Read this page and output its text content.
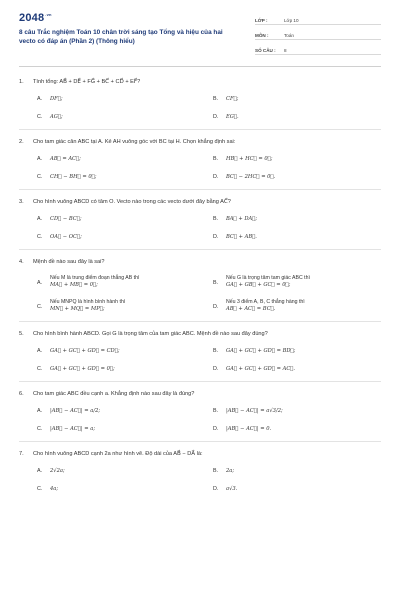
$2048^{.vn}$
8 câu Trắc nghiệm Toán 10 chân trời sáng tạo Tổng và hiệu của hai vecto có đáp án (Phần 2) (Thông hiểu)
LỚP :	Lớp 10
MÔN :	Toán
SỐ CÂU :	8
1. Tính tổng: AB⃗ + DE⃗ + FG⃗ + BC⃗ + CD⃗ + EF⃗?
A.	DF⃗;	B.	CF⃗;
C.	AG⃗;	D.	EG⃗.
2. Cho tam giác cân ABC tại A. Kẻ AH vuông góc với BC tại H. Chọn khẳng định sai:
A.	AB⃗ = AC⃗;	B.	HB⃗ + HC⃗ = 0⃗;
C.	CH⃗ − BH⃗ = 0⃗;	D.	BC⃗ − 2HC⃗ = 0⃗.
3. Cho hình vuông ABCD có tâm O. Vecto nào trong các vecto dưới đây bằng AC⃗?
A.	CD⃗ − BC⃗;	B.	BA⃗ + DA⃗;
C.	OA⃗ − OC⃗;	D.	BC⃗ + AB⃗.
4. Mệnh đề nào sau đây là sai?
A.
Nếu M là trung điểm đoạn thẳng AB thì
MA⃗ + MB⃗ = 0⃗;	B.
Nếu G là trọng tâm tam giác ABC thì
GA⃗ + GB⃗ + GC⃗ = 0⃗;
C.
Nếu MNPQ là hình bình hành thì
MN⃗ + MQ⃗ = MP⃗;	D.
Nếu 3 điểm A, B, C thẳng hàng thì
AB⃗ + AC⃗ = BC⃗.
5. Cho hình bình hành ABCD. Gọi G là trọng tâm của tam giác ABC. Mệnh đề nào sau đây đúng?
A.	GA⃗ + GC⃗ + GD⃗ = CD⃗;	B.	GA⃗ + GC⃗ + GD⃗ = BD⃗;
C.	GA⃗ + GC⃗ + GD⃗ = 0⃗;	D.	GA⃗ + GC⃗ + GD⃗ = AC⃗.
6. Cho tam giác ABC đều cạnh a. Khẳng định nào sau đây là đúng?
A.	|AB⃗ − AC⃗| = a/2;	B.	|AB⃗ − AC⃗| = a√3/2;
C.	|AB⃗ − AC⃗| = a;	D.	|AB⃗ − AC⃗| = 0.
7. Cho hình vuông ABCD cạnh 2a như hình vẽ. Độ dài của AB⃗ − DA⃗ là:
A.	2√2a;	B.	2a;
C.	4a;	D.	a√3.
